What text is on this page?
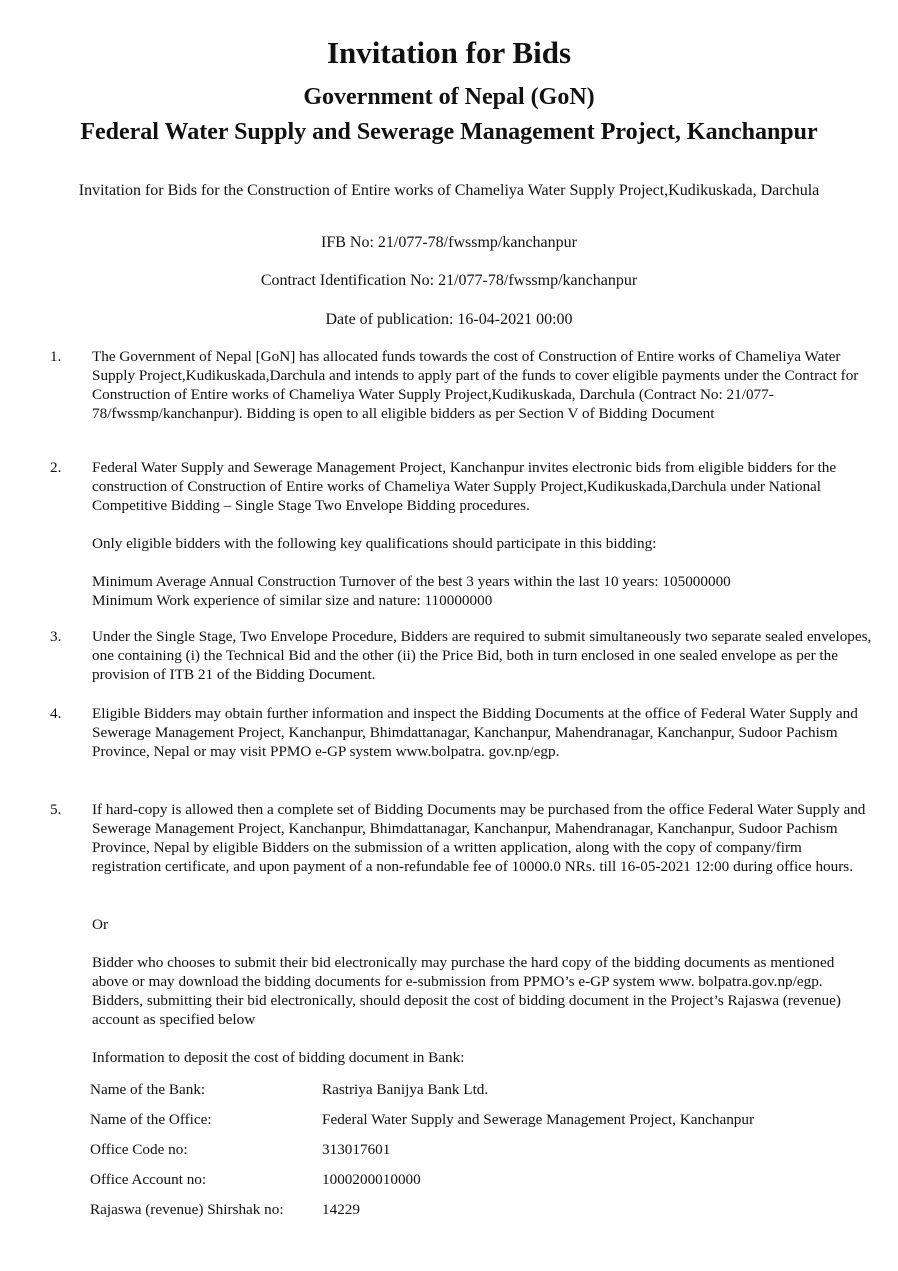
Invitation for Bids
Government of Nepal (GoN)
Federal Water Supply and Sewerage Management Project, Kanchanpur
Invitation for Bids for the Construction of Entire works of Chameliya Water Supply Project,Kudikuskada, Darchula
IFB No: 21/077-78/fwssmp/kanchanpur
Contract Identification No: 21/077-78/fwssmp/kanchanpur
Date of publication: 16-04-2021 00:00
1.	The Government of Nepal [GoN] has allocated funds towards the cost of Construction of Entire works of Chameliya Water Supply Project,Kudikuskada,Darchula and intends to apply part of the funds to cover eligible payments under the Contract for Construction of Entire works of Chameliya Water Supply Project,Kudikuskada, Darchula (Contract No: 21/077-78/fwssmp/kanchanpur). Bidding is open to all eligible bidders as per Section V of Bidding Document
2.	Federal Water Supply and Sewerage Management Project, Kanchanpur invites electronic bids from eligible bidders for the construction of Construction of Entire works of Chameliya Water Supply Project,Kudikuskada,Darchula under National Competitive Bidding – Single Stage Two Envelope Bidding procedures.
Only eligible bidders with the following key qualifications should participate in this bidding:
Minimum Average Annual Construction Turnover of the best 3 years within the last 10 years: 105000000
Minimum Work experience of similar size and nature: 110000000
3.	Under the Single Stage, Two Envelope Procedure, Bidders are required to submit simultaneously two separate sealed envelopes, one containing (i) the Technical Bid and the other (ii) the Price Bid, both in turn enclosed in one sealed envelope as per the provision of ITB 21 of the Bidding Document.
4.	Eligible Bidders may obtain further information and inspect the Bidding Documents at the office of Federal Water Supply and Sewerage Management Project, Kanchanpur, Bhimdattanagar, Kanchanpur, Mahendranagar, Kanchanpur, Sudoor Pachism Province, Nepal or may visit PPMO e-GP system www.bolpatra. gov.np/egp.
5.	If hard-copy is allowed then a complete set of Bidding Documents may be purchased from the office Federal Water Supply and Sewerage Management Project, Kanchanpur, Bhimdattanagar, Kanchanpur, Mahendranagar, Kanchanpur, Sudoor Pachism Province, Nepal by eligible Bidders on the submission of a written application, along with the copy of company/firm registration certificate, and upon payment of a non-refundable fee of 10000.0 NRs. till 16-05-2021 12:00 during office hours.
Or
Bidder who chooses to submit their bid electronically may purchase the hard copy of the bidding documents as mentioned above or may download the bidding documents for e-submission from PPMO’s e-GP system www. bolpatra.gov.np/egp. Bidders, submitting their bid electronically, should deposit the cost of bidding document in the Project’s Rajaswa (revenue) account as specified below
Information to deposit the cost of bidding document in Bank:
Name of the Bank:	Rastriya Banijya Bank Ltd.
Name of the Office:	Federal Water Supply and Sewerage Management Project, Kanchanpur
Office Code no:	313017601
Office Account no:	1000200010000
Rajaswa (revenue) Shirshak no:	14229
